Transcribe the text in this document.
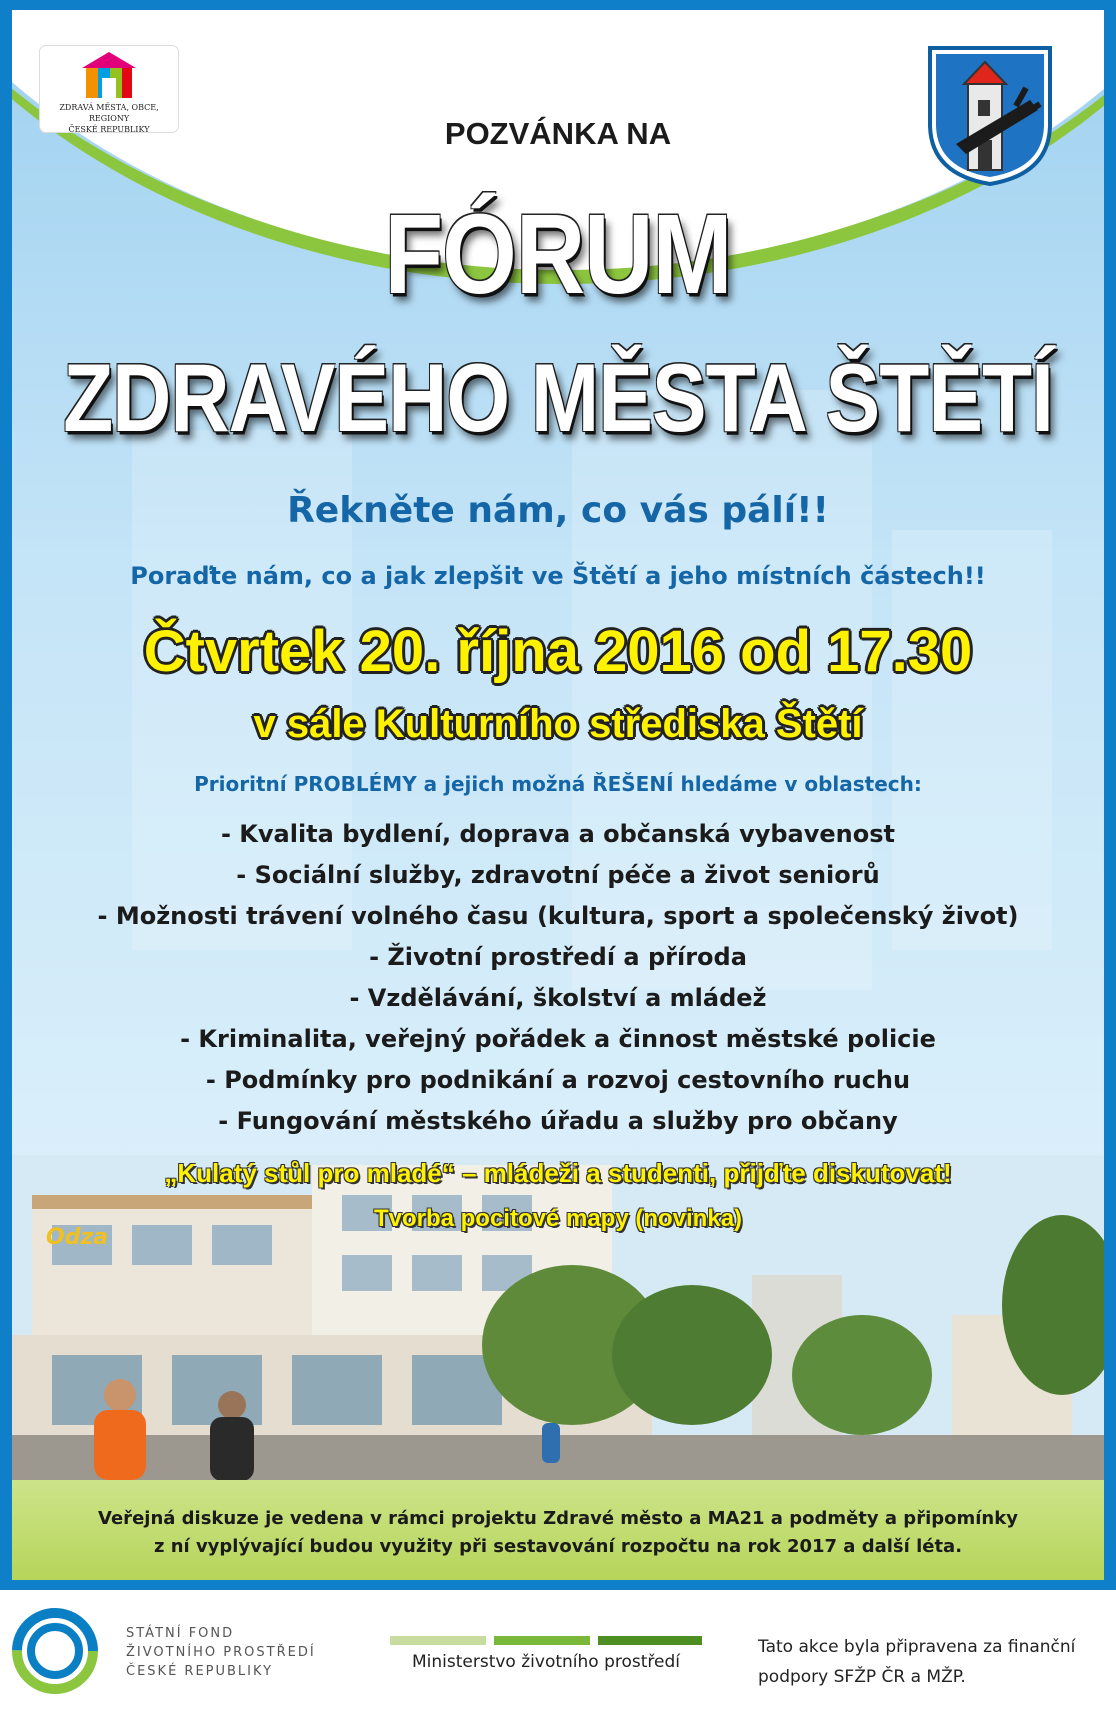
Odza
ZDRAVÁ MĚSTA, OBCE, REGIONY
ČESKÉ REPUBLIKY	POZVÁNKA NA
FÓRUM
ZDRAVÉHO MĚSTA ŠTĚTÍ
Řekněte nám, co vás pálí!!
Poraďte nám, co a jak zlepšit ve Štětí a jeho místních částech!!
Čtvrtek 20. října 2016 od 17.30
v sále Kulturního střediska Štětí
Prioritní PROBLÉMY a jejich možná ŘEŠENÍ hledáme v oblastech:
- Kvalita bydlení, doprava a občanská vybavenost
- Sociální služby, zdravotní péče a život seniorů
- Možnosti trávení volného času (kultura, sport a společenský život)
- Životní prostředí a příroda
- Vzdělávání, školství a mládež
- Kriminalita, veřejný pořádek a činnost městské policie
- Podmínky pro podnikání a rozvoj cestovního ruchu
- Fungování městského úřadu a služby pro občany
„Kulatý stůl pro mladé“ – mládeži a studenti, přijďte diskutovat!
Tvorba pocitové mapy (novinka)
Veřejná diskuze je vedena v rámci projektu Zdravé město a MA21 a podměty a připomínky
z ní vyplývající budou využity při sestavování rozpočtu na rok 2017 a další léta.
STÁTNÍ FOND
ŽIVOTNÍHO PROSTŘEDÍ
ČESKÉ REPUBLIKY	Ministerstvo životního prostředí
Tato akce byla připravena za finanční
podpory SFŽP ČR a MŽP.
